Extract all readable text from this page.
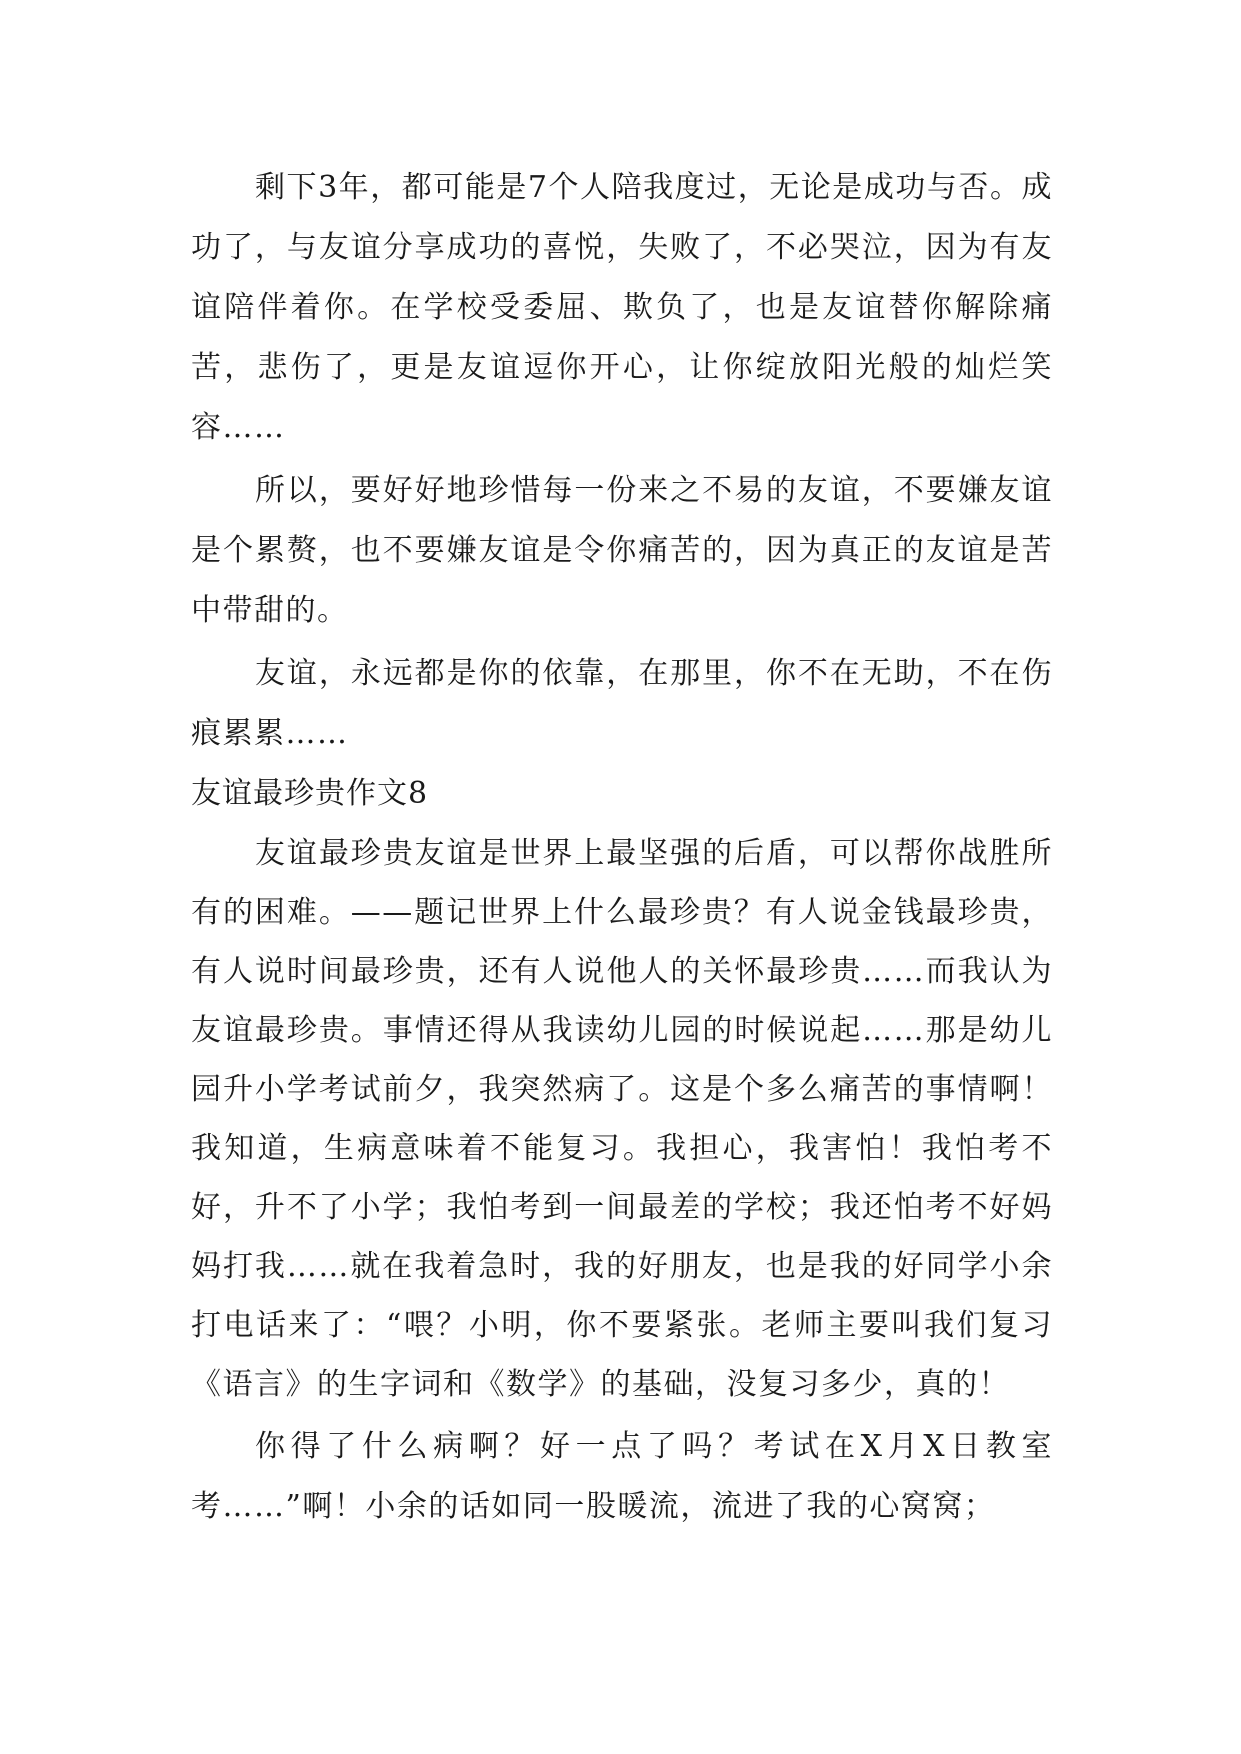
剩下3年，都可能是7个人陪我度过，无论是成功与否。成功了，与友谊分享成功的喜悦，失败了，不必哭泣，因为有友谊陪伴着你。在学校受委屈、欺负了，也是友谊替你解除痛苦，悲伤了，更是友谊逗你开心，让你绽放阳光般的灿烂笑容……

所以，要好好地珍惜每一份来之不易的友谊，不要嫌友谊是个累赘，也不要嫌友谊是令你痛苦的，因为真正的友谊是苦中带甜的。

友谊，永远都是你的依靠，在那里，你不在无助，不在伤痕累累……

友谊最珍贵作文8

友谊最珍贵友谊是世界上最坚强的后盾，可以帮你战胜所有的困难。——题记世界上什么最珍贵？有人说金钱最珍贵，有人说时间最珍贵，还有人说他人的关怀最珍贵……而我认为友谊最珍贵。事情还得从我读幼儿园的时候说起……那是幼儿园升小学考试前夕，我突然病了。这是个多么痛苦的事情啊！我知道，生病意味着不能复习。我担心，我害怕！我怕考不好，升不了小学；我怕考到一间最差的学校；我还怕考不好妈妈打我……就在我着急时，我的好朋友，也是我的好同学小余打电话来了：“喂？小明，你不要紧张。老师主要叫我们复习《语言》的生字词和《数学》的基础，没复习多少，真的！

你得了什么病啊？好一点了吗？考试在X月X日教室考……”啊！小余的话如同一股暖流，流进了我的心窝窝；
